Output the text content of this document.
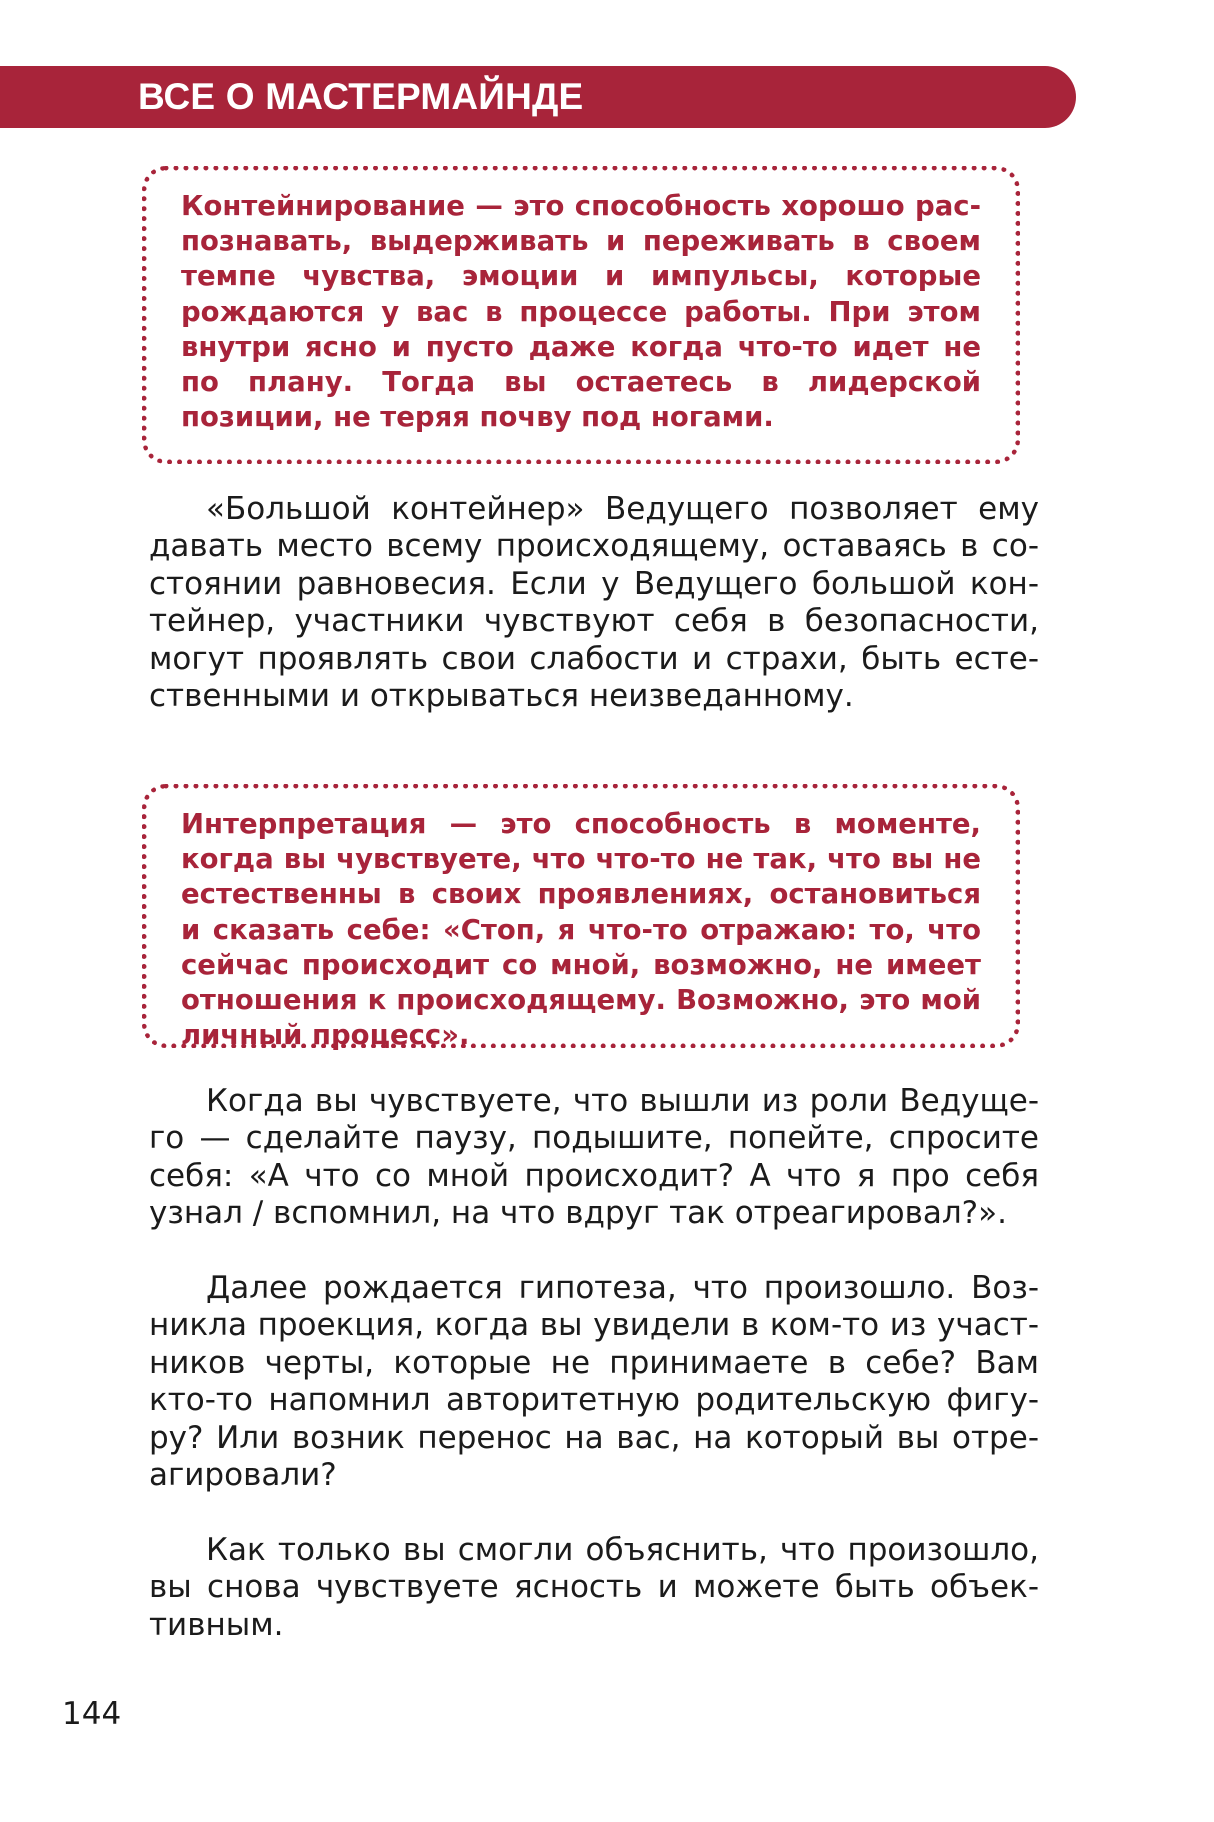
ВСЕ О МАСТЕРМАЙНДЕ
Контейнирование — это способность хорошо распознавать, выдерживать и переживать в своем темпе чувства, эмоции и импульсы, которые рождаются у вас в процессе работы. При этом внутри ясно и пусто даже когда что-то идет не по плану. Тогда вы остаетесь в лидерской позиции, не теряя почву под ногами.

«Большой контейнер» Ведущего позволяет ему давать место всему происходящему, оставаясь в состоянии равновесия. Если у Ведущего большой контейнер, участники чувствуют себя в безопасности, могут проявлять свои слабости и страхи, быть естественными и открываться неизведанному.

Интерпретация — это способность в моменте, когда вы чувствуете, что что-то не так, что вы не естественны в своих проявлениях, остановиться и сказать себе: «Стоп, я что-то отражаю: то, что сейчас происходит со мной, возможно, не имеет отношения к происходящему. Возможно, это мой личный процесс».

Когда вы чувствуете, что вышли из роли Ведущего — сделайте паузу, подышите, попейте, спросите себя: «А что со мной происходит? А что я про себя узнал / вспомнил, на что вдруг так отреагировал?».

Далее рождается гипотеза, что произошло. Возникла проекция, когда вы увидели в ком-то из участников черты, которые не принимаете в себе? Вам кто-то напомнил авторитетную родительскую фигуру? Или возник перенос на вас, на который вы отреагировали?

Как только вы смогли объяснить, что произошло, вы снова чувствуете ясность и можете быть объективным.

144
